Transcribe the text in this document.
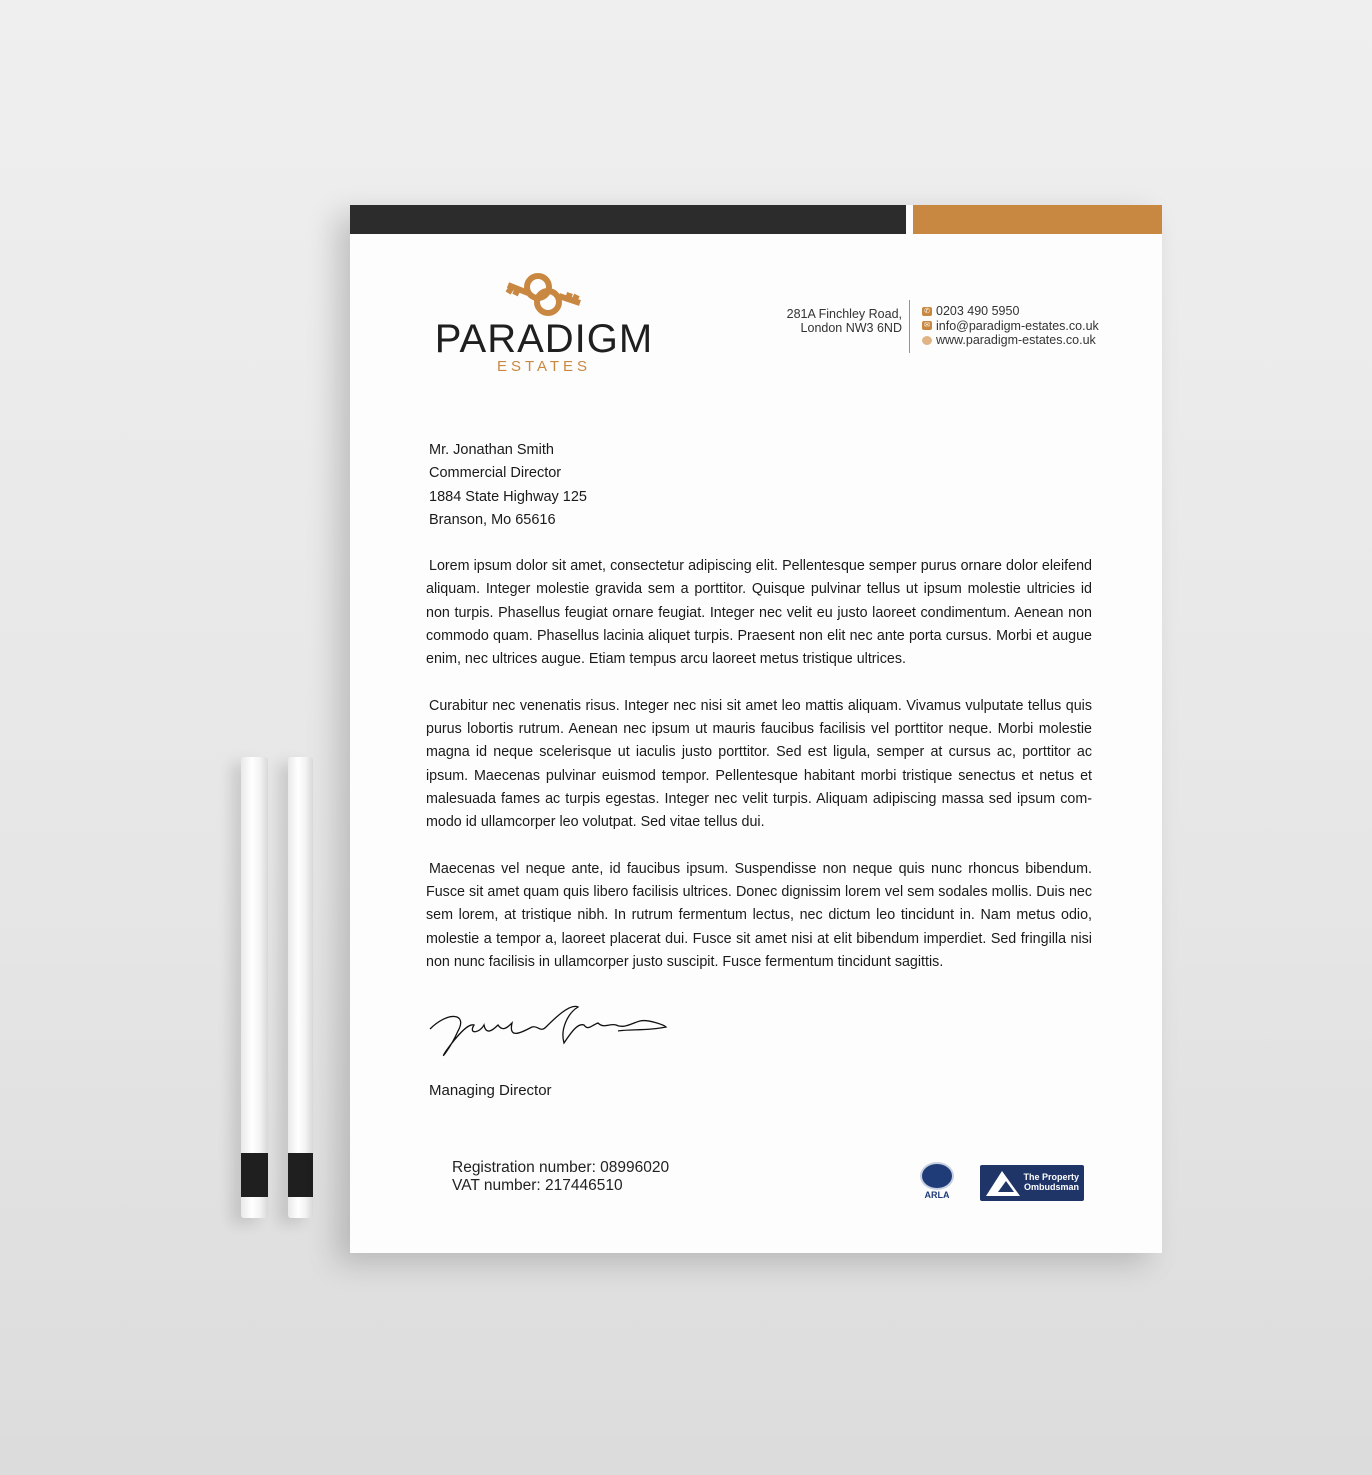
PARADIGM
ESTATES
281A Finchley Road,
London NW3 6ND
✆ 0203 490 5950
✉ info@paradigm-estates.co.uk
www.paradigm-estates.co.uk
Mr. Jonathan Smith
Commercial Director
1884 State Highway 125
Branson, Mo 65616

Lorem ipsum dolor sit amet, consectetur adipiscing elit. Pellentesque semper purus ornare dolor eleifend aliquam. Integer molestie gravida sem a porttitor. Quisque pulvinar tellus ut ipsum molestie ultricies id non turpis. Phasellus feugiat ornare feugiat. Integer nec velit eu justo laoreet condimentum. Aenean non commodo quam. Phasellus lacinia aliquet turpis. Praesent non elit nec ante porta cursus. Morbi et augue enim, nec ultrices augue. Etiam tempus arcu laoreet metus tristique ultrices.

Curabitur nec venenatis risus. Integer nec nisi sit amet leo mattis aliquam. Vivamus vulputate tellus quis purus lobortis rutrum. Aenean nec ipsum ut mauris faucibus facilisis vel porttitor neque. Morbi molestie magna id neque scelerisque ut iaculis justo porttitor. Sed est ligula, semper at cursus ac, porttitor ac ipsum. Maecenas pulvinar euismod tempor. Pellentesque habitant morbi tristique senectus et netus et malesuada fames ac turpis egestas. Integer nec velit turpis. Aliquam adipiscing massa sed ipsum commodo id ullamcorper leo volutpat. Sed vitae tellus dui.

Maecenas vel neque ante, id faucibus ipsum. Suspendisse non neque quis nunc rhoncus bibendum. Fusce sit amet quam quis libero facilisis ultrices. Donec dignissim lorem vel sem sodales mollis. Duis nec sem lorem, at tristique nibh. In rutrum fermentum lectus, nec dictum leo tincidunt in. Nam metus odio, molestie a tempor a, laoreet placerat dui. Fusce sit amet nisi at elit bibendum imperdiet. Sed fringilla nisi non nunc facilisis in ullamcorper justo suscipit. Fusce fermentum tincidunt sagittis.

Managing Director
Registration number: 08996020
VAT number: 217446510
ARLA
The Property
Ombudsman
